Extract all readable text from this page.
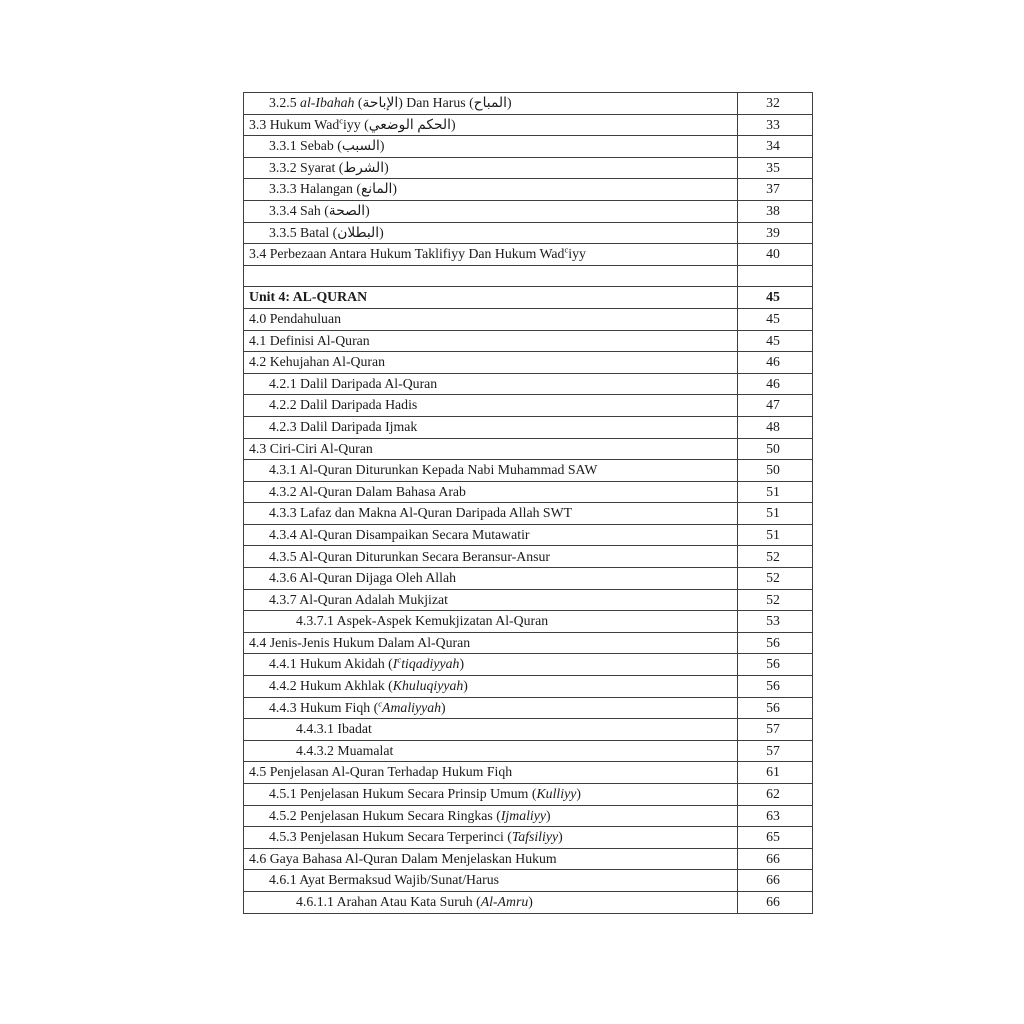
3.2.5 al-Ibahah (الإباحة) Dan Harus (المباح)	32
3.3 Hukum Wad$^c$iyy (الحكم الوضعي)	33
3.3.1 Sebab (السبب)	34
3.3.2 Syarat (الشرط)	35
3.3.3 Halangan (المانع)	37
3.3.4 Sah (الصحة)	38
3.3.5 Batal (البطلان)	39
3.4 Perbezaan Antara Hukum Taklifiyy Dan Hukum Wad$^c$iyy	40

Unit 4: AL-QURAN	45
4.0 Pendahuluan	45
4.1 Definisi Al-Quran	45
4.2 Kehujahan Al-Quran	46
4.2.1 Dalil Daripada Al-Quran	46
4.2.2 Dalil Daripada Hadis	47
4.2.3 Dalil Daripada Ijmak	48
4.3 Ciri-Ciri Al-Quran	50
4.3.1 Al-Quran Diturunkan Kepada Nabi Muhammad SAW	50
4.3.2 Al-Quran Dalam Bahasa Arab	51
4.3.3 Lafaz dan Makna Al-Quran Daripada Allah SWT	51
4.3.4 Al-Quran Disampaikan Secara Mutawatir	51
4.3.5 Al-Quran Diturunkan Secara Beransur-Ansur	52
4.3.6 Al-Quran Dijaga Oleh Allah	52
4.3.7 Al-Quran Adalah Mukjizat	52
4.3.7.1 Aspek-Aspek Kemukjizatan Al-Quran	53
4.4 Jenis-Jenis Hukum Dalam Al-Quran	56
4.4.1 Hukum Akidah $(I^ctiqadiyyah)$	56
4.4.2 Hukum Akhlak (Khuluqiyyah)	56
4.4.3 Hukum Fiqh ($^c$Amaliyyah)	56
4.4.3.1 Ibadat	57
4.4.3.2 Muamalat	57
4.5 Penjelasan Al-Quran Terhadap Hukum Fiqh	61
4.5.1 Penjelasan Hukum Secara Prinsip Umum (Kulliyy)	62
4.5.2 Penjelasan Hukum Secara Ringkas (Ijmaliyy)	63
4.5.3 Penjelasan Hukum Secara Terperinci (Tafsiliyy)	65
4.6 Gaya Bahasa Al-Quran Dalam Menjelaskan Hukum	66
4.6.1 Ayat Bermaksud Wajib/Sunat/Harus	66
4.6.1.1 Arahan Atau Kata Suruh (Al-Amru)	66
